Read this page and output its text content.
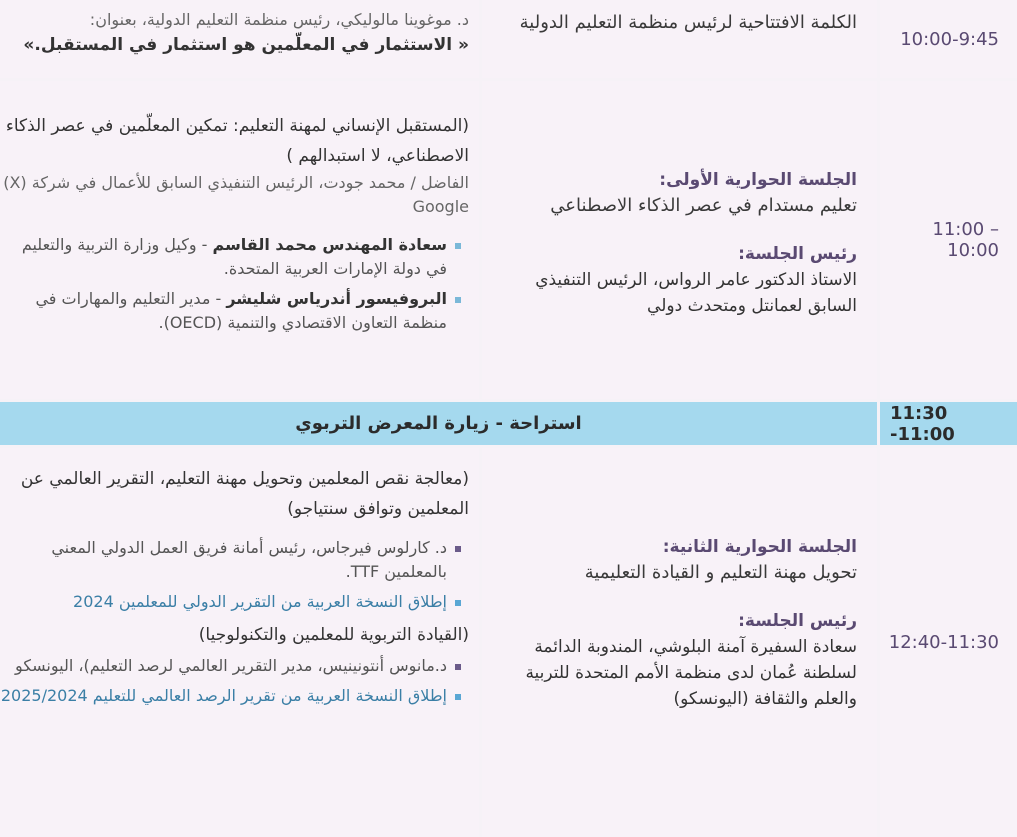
10:00-9:45
الكلمة الافتتاحية لرئيس منظمة التعليم الدولية
د. موغوينا مالوليكي، رئيس منظمة التعليم الدولية، بعنوان:
« الاستثمار في المعلّمين هو استثمار في المستقبل.»
11:00 – 10:00
الجلسة الحوارية الأولى:
تعليم مستدام في عصر الذكاء الاصطناعي
رئيس الجلسة:
الاستاذ الدكتور عامر الرواس، الرئيس التنفيذي السابق لعمانتل ومتحدث دولي
(المستقبل الإنساني لمهنة التعليم: تمكين المعلّمين في عصر الذكاء الاصطناعي، لا استبدالهم )
الفاضل / محمد جودت، الرئيس التنفيذي السابق للأعمال في شركة (X) Google
سعادة المهندس محمد القاسم - وكيل وزارة التربية والتعليم في دولة الإمارات العربية المتحدة.
البروفيسور أندرياس شليشر - مدير التعليم والمهارات في منظمة التعاون الاقتصادي والتنمية (OECD).
استراحة - زيارة المعرض التربوي	11:30 -11:00
12:40-11:30
الجلسة الحوارية الثانية:
تحويل مهنة التعليم و القيادة التعليمية
رئيس الجلسة:
سعادة السفيرة آمنة البلوشي، المندوبة الدائمة لسلطنة عُمان لدى منظمة الأمم المتحدة للتربية والعلم والثقافة (اليونسكو)
(معالجة نقص المعلمين وتحويل مهنة التعليم، التقرير العالمي عن المعلمين وتوافق سنتياجو)
د. كارلوس فيرجاس، رئيس أمانة فريق العمل الدولي المعني بالمعلمين TTF.
إطلاق النسخة العربية من التقرير الدولي للمعلمين 2024
(القيادة التربوية للمعلمين والتكنولوجيا)
د.مانوس أنتونينيس، مدير التقرير العالمي لرصد التعليم)، اليونسكو
إطلاق النسخة العربية من تقرير الرصد العالمي للتعليم 2025/2024
